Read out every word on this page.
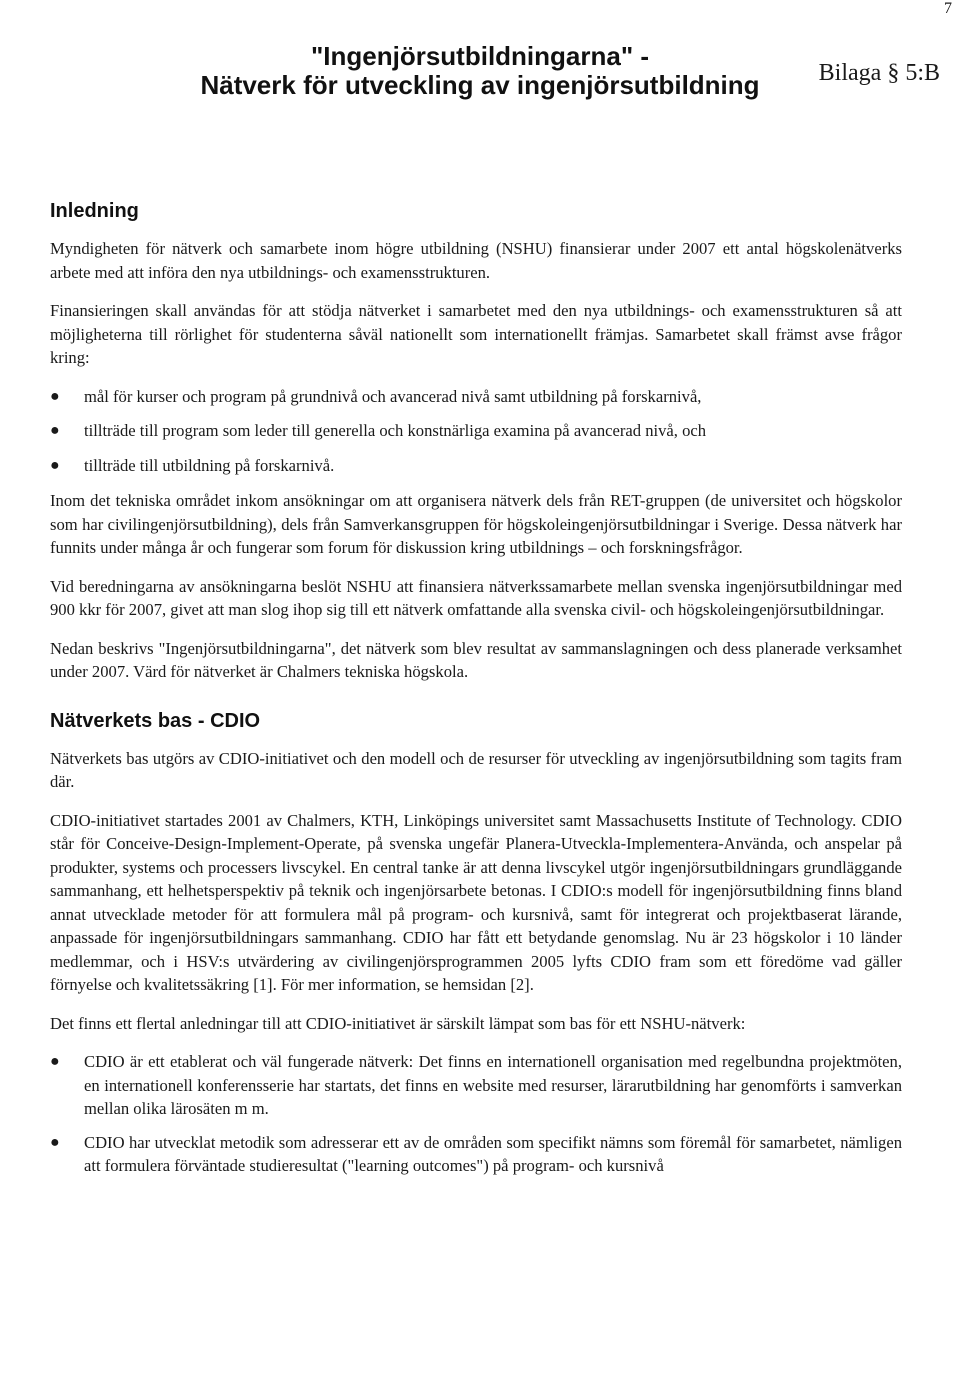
7
Bilaga § 5:B
"Ingenjörsutbildningarna" -
Nätverk för utveckling av ingenjörsutbildning
Inledning

Myndigheten för nätverk och samarbete inom högre utbildning (NSHU) finansierar under 2007 ett antal högskolenätverks arbete med att införa den nya utbildnings- och examensstrukturen.

Finansieringen skall användas för att stödja nätverket i samarbetet med den nya utbildnings- och examensstrukturen så att möjligheterna till rörlighet för studenterna såväl nationellt som internationellt främjas. Samarbetet skall främst avse frågor kring:

● mål för kurser och program på grundnivå och avancerad nivå samt utbildning på forskarnivå,
● tillträde till program som leder till generella och konstnärliga examina på avancerad nivå, och
● tillträde till utbildning på forskarnivå.

Inom det tekniska området inkom ansökningar om att organisera nätverk dels från RET-gruppen (de universitet och högskolor som har civilingenjörsutbildning), dels från Samverkansgruppen för högskoleingenjörsutbildningar i Sverige. Dessa nätverk har funnits under många år och fungerar som forum för diskussion kring utbildnings – och forskningsfrågor.

Vid beredningarna av ansökningarna beslöt NSHU att finansiera nätverkssamarbete mellan svenska ingenjörsutbildningar med 900 kkr för 2007, givet att man slog ihop sig till ett nätverk omfattande alla svenska civil- och högskoleingenjörsutbildningar.

Nedan beskrivs "Ingenjörsutbildningarna", det nätverk som blev resultat av sammanslagningen och dess planerade verksamhet under 2007. Värd för nätverket är Chalmers tekniska högskola.

Nätverkets bas - CDIO

Nätverkets bas utgörs av CDIO-initiativet och den modell och de resurser för utveckling av ingenjörsutbildning som tagits fram där.

CDIO-initiativet startades 2001 av Chalmers, KTH, Linköpings universitet samt Massachusetts Institute of Technology. CDIO står för Conceive-Design-Implement-Operate, på svenska ungefär Planera-Utveckla-Implementera-Använda, och anspelar på produkter, systems och processers livscykel. En central tanke är att denna livscykel utgör ingenjörsutbildningars grundläggande sammanhang, ett helhetsperspektiv på teknik och ingenjörsarbete betonas. I CDIO:s modell för ingenjörsutbildning finns bland annat utvecklade metoder för att formulera mål på program- och kursnivå, samt för integrerat och projektbaserat lärande, anpassade för ingenjörsutbildningars sammanhang. CDIO har fått ett betydande genomslag. Nu är 23 högskolor i 10 länder medlemmar, och i HSV:s utvärdering av civilingenjörsprogrammen 2005 lyfts CDIO fram som ett föredöme vad gäller förnyelse och kvalitetssäkring [1]. För mer information, se hemsidan [2].

Det finns ett flertal anledningar till att CDIO-initiativet är särskilt lämpat som bas för ett NSHU-nätverk:

● CDIO är ett etablerat och väl fungerade nätverk: Det finns en internationell organisation med regelbundna projektmöten, en internationell konferensserie har startats, det finns en website med resurser, lärarutbildning har genomförts i samverkan mellan olika lärosäten m m.
● CDIO har utvecklat metodik som adresserar ett av de områden som specifikt nämns som föremål för samarbetet, nämligen att formulera förväntade studieresultat ("learning outcomes") på program- och kursnivå
